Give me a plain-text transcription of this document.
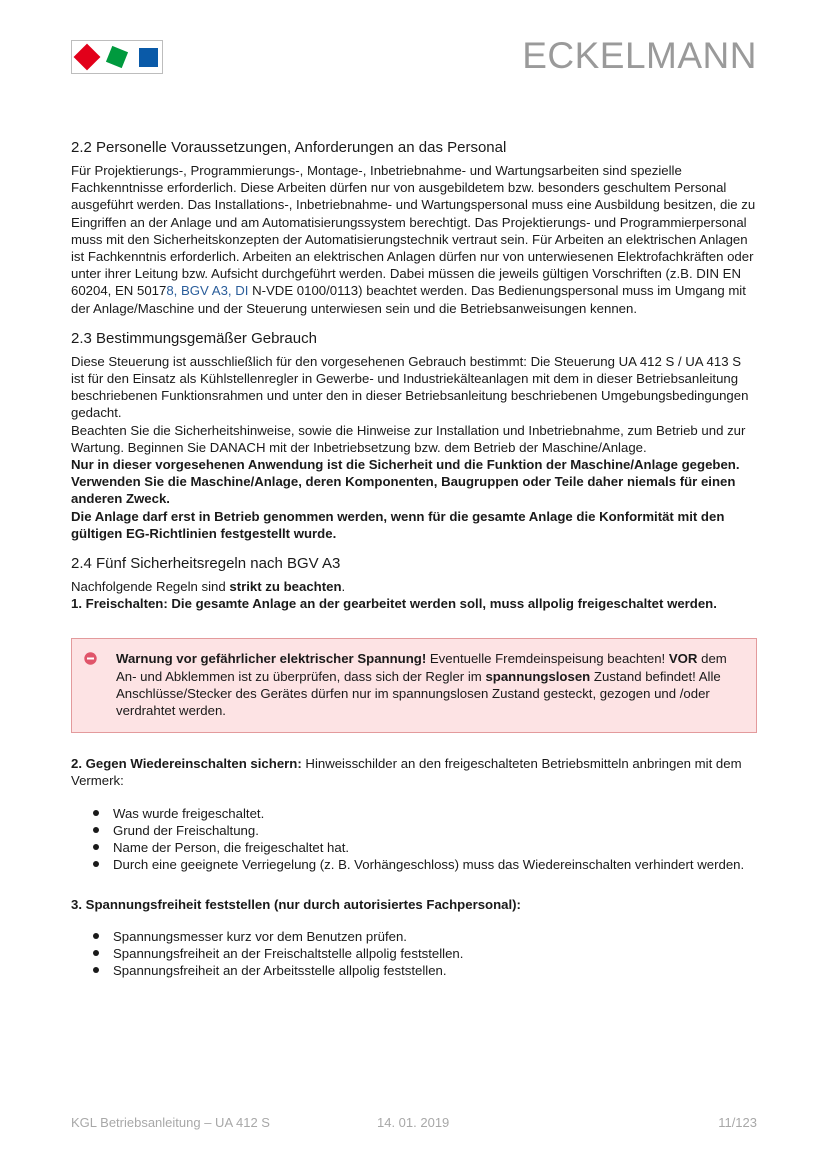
ECKELMANN
2.2 Personelle Voraussetzungen, Anforderungen an das Personal

Für Projektierungs-, Programmierungs-, Montage-, Inbetriebnahme- und Wartungsarbeiten sind spezielle Fachkenntnisse erforderlich. Diese Arbeiten dürfen nur von ausgebildetem bzw. besonders geschultem Personal ausgeführt werden. Das Installations-, Inbetriebnahme- und Wartungspersonal muss eine Ausbildung besitzen, die zu Eingriffen an der Anlage und am Automatisierungssystem berechtigt. Das Projektierungs- und Programmierpersonal muss mit den Sicherheitskonzepten der Automatisierungstechnik vertraut sein. Für Arbeiten an elektrischen Anlagen ist Fachkenntnis erforderlich. Arbeiten an elektrischen Anlagen dürfen nur von unterwiesenen Elektrofachkräften oder unter ihrer Leitung bzw. Aufsicht durchgeführt werden. Dabei müssen die jeweils gültigen Vorschriften (z.B. DIN EN 60204, EN 50178, BGV A3, DI N-VDE 0100/0113) beachtet werden. Das Bedienungspersonal muss im Umgang mit der Anlage/Maschine und der Steuerung unterwiesen sein und die Betriebsanweisungen kennen.

2.3 Bestimmungsgemäßer Gebrauch

Diese Steuerung ist ausschließlich für den vorgesehenen Gebrauch bestimmt: Die Steuerung UA 412 S / UA 413 S ist für den Einsatz als Kühlstellenregler in Gewerbe- und Industriekälteanlagen mit dem in dieser Betriebsanleitung beschriebenen Funktionsrahmen und unter den in dieser Betriebsanleitung beschriebenen Umgebungsbedingungen gedacht.

Beachten Sie die Sicherheitshinweise, sowie die Hinweise zur Installation und Inbetriebnahme, zum Betrieb und zur Wartung. Beginnen Sie DANACH mit der Inbetriebsetzung bzw. dem Betrieb der Maschine/Anlage.

Nur in dieser vorgesehenen Anwendung ist die Sicherheit und die Funktion der Maschine/Anlage gegeben. Verwenden Sie die Maschine/Anlage, deren Komponenten, Baugruppen oder Teile daher niemals für einen anderen Zweck.

Die Anlage darf erst in Betrieb genommen werden, wenn für die gesamte Anlage die Konformität mit den gültigen EG-Richtlinien festgestellt wurde.

2.4 Fünf Sicherheitsregeln nach BGV A3

Nachfolgende Regeln sind strikt zu beachten.

1. Freischalten: Die gesamte Anlage an der gearbeitet werden soll, muss allpolig freigeschaltet werden.

Warnung vor gefährlicher elektrischer Spannung! Eventuelle Fremdeinspeisung beachten! VOR dem An- und Abklemmen ist zu überprüfen, dass sich der Regler im spannungslosen Zustand befindet! Alle Anschlüsse/Stecker des Gerätes dürfen nur im spannungslosen Zustand gesteckt, gezogen und /oder verdrahtet werden.

2. Gegen Wiedereinschalten sichern: Hinweisschilder an den freigeschalteten Betriebsmitteln anbringen mit dem Vermerk:

Was wurde freigeschaltet.
Grund der Freischaltung.
Name der Person, die freigeschaltet hat.
Durch eine geeignete Verriegelung (z. B. Vorhängeschloss) muss das Wiedereinschalten verhindert werden.

3. Spannungsfreiheit feststellen (nur durch autorisiertes Fachpersonal):

Spannungsmesser kurz vor dem Benutzen prüfen.
Spannungsfreiheit an der Freischaltstelle allpolig feststellen.
Spannungsfreiheit an der Arbeitsstelle allpolig feststellen.
KGL Betriebsanleitung – UA 412 S	14. 01. 2019	11/123
